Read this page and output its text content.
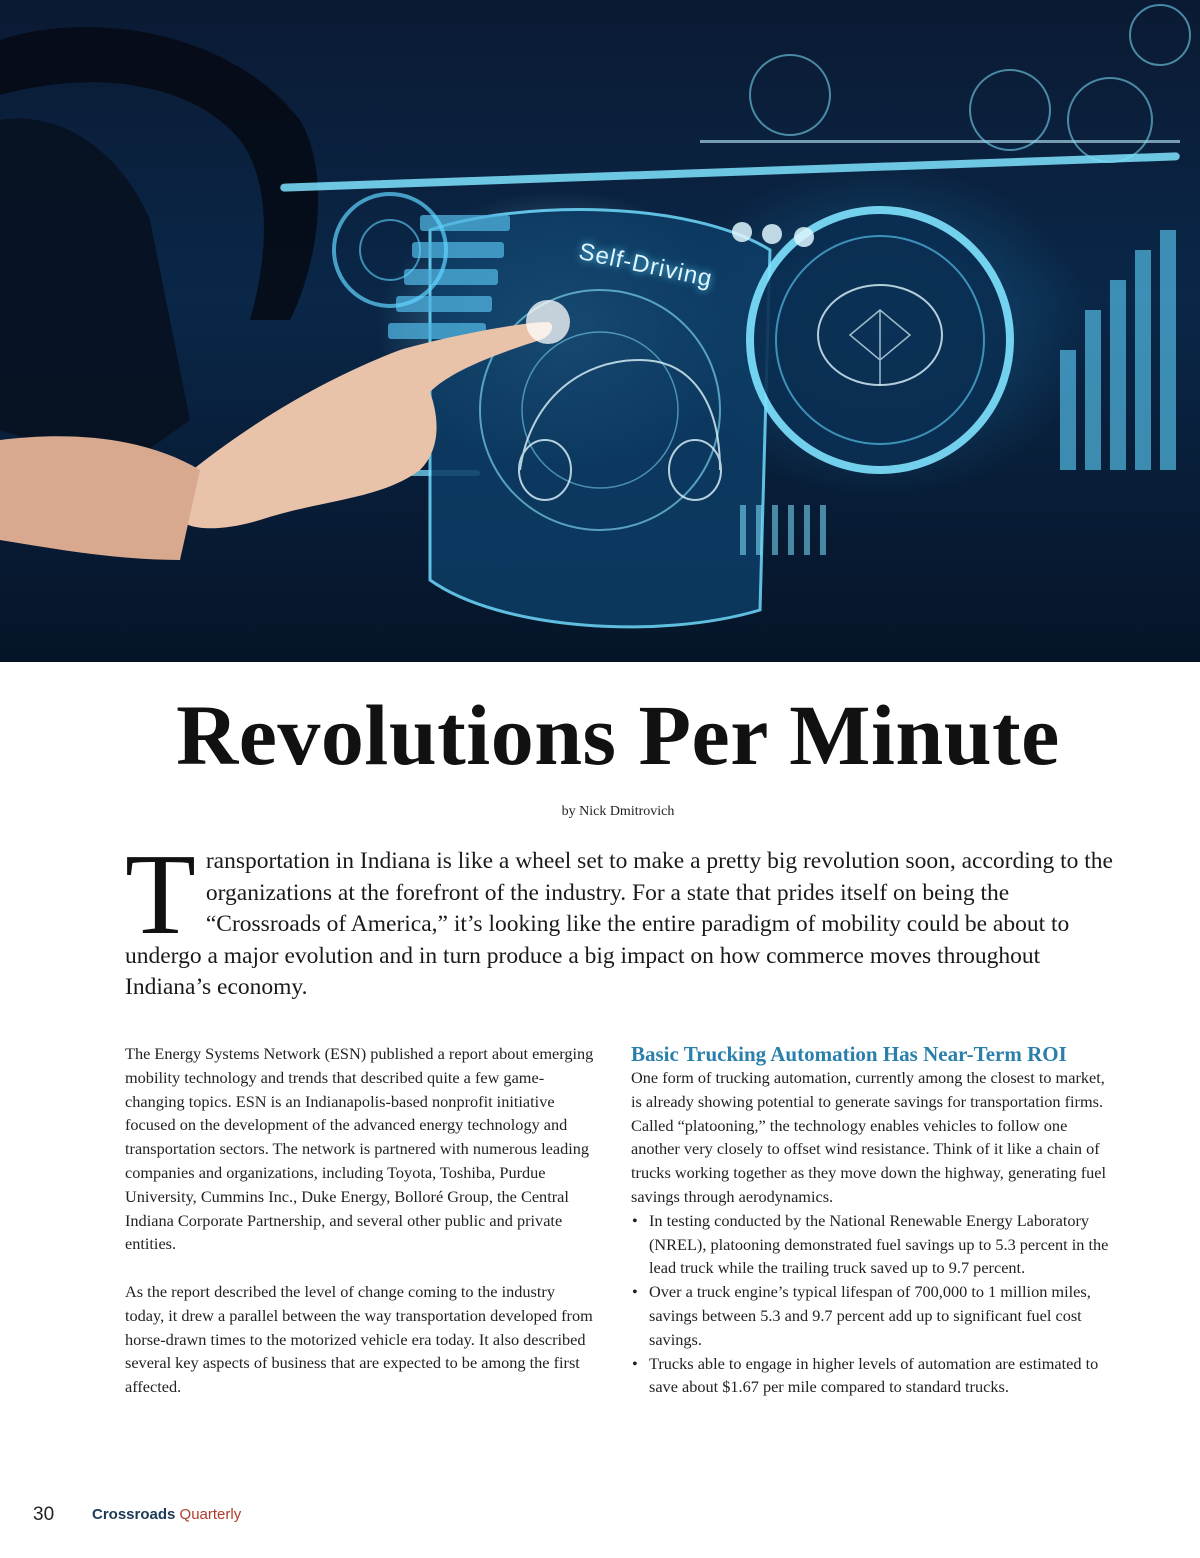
Self-Driving
Revolutions Per Minute
by Nick Dmitrovich
Transportation in Indiana is like a wheel set to make a pretty big revolution soon, according to the organizations at the forefront of the industry. For a state that prides itself on being the “Crossroads of America,” it’s looking like the entire paradigm of mobility could be about to undergo a major evolution and in turn produce a big impact on how commerce moves throughout Indiana’s economy.

The Energy Systems Network (ESN) published a report about emerging mobility technology and trends that described quite a few game-changing topics. ESN is an Indianapolis-based nonprofit initiative focused on the development of the advanced energy technology and transportation sectors. The network is partnered with numerous leading companies and organizations, including Toyota, Toshiba, Purdue University, Cummins Inc., Duke Energy, Bolloré Group, the Central Indiana Corporate Partnership, and several other public and private entities.

As the report described the level of change coming to the industry today, it drew a parallel between the way transportation developed from horse-drawn times to the motorized vehicle era today. It also described several key aspects of business that are expected to be among the first affected.

Basic Trucking Automation Has Near-Term ROI

One form of trucking automation, currently among the closest to market, is already showing potential to generate savings for transportation firms. Called “platooning,” the technology enables vehicles to follow one another very closely to offset wind resistance. Think of it like a chain of trucks working together as they move down the highway, generating fuel savings through aerodynamics.

• In testing conducted by the National Renewable Energy Laboratory (NREL), platooning demonstrated fuel savings up to 5.3 percent in the lead truck while the trailing truck saved up to 9.7 percent.
• Over a truck engine’s typical lifespan of 700,000 to 1 million miles, savings between 5.3 and 9.7 percent add up to significant fuel cost savings.
• Trucks able to engage in higher levels of automation are estimated to save about $1.67 per mile compared to standard trucks.
30	Crossroads Quarterly
